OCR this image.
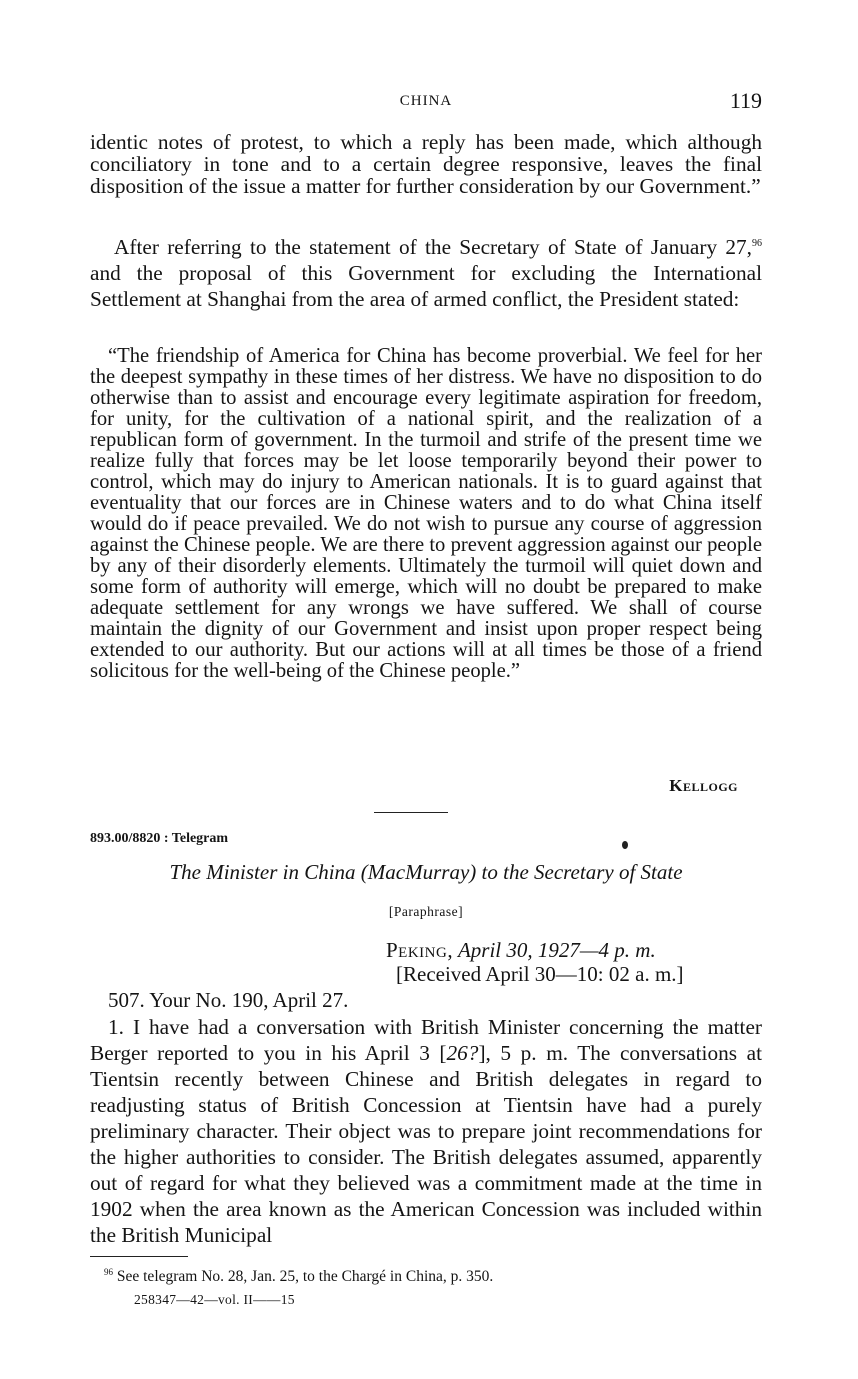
CHINA	119

identic notes of protest, to which a reply has been made, which although conciliatory in tone and to a certain degree responsive, leaves the final disposition of the issue a matter for further consideration by our Government.”

After referring to the statement of the Secretary of State of January 27,96 and the proposal of this Government for excluding the International Settlement at Shanghai from the area of armed conflict, the President stated:

“The friendship of America for China has become proverbial. We feel for her the deepest sympathy in these times of her distress. We have no disposition to do otherwise than to assist and encourage every legitimate aspiration for freedom, for unity, for the cultivation of a national spirit, and the realization of a republican form of government. In the turmoil and strife of the present time we realize fully that forces may be let loose temporarily beyond their power to control, which may do injury to American nationals. It is to guard against that eventuality that our forces are in Chinese waters and to do what China itself would do if peace prevailed. We do not wish to pursue any course of aggression against the Chinese people. We are there to prevent aggression against our people by any of their disorderly elements. Ultimately the turmoil will quiet down and some form of authority will emerge, which will no doubt be prepared to make adequate settlement for any wrongs we have suffered. We shall of course maintain the dignity of our Government and insist upon proper respect being extended to our authority. But our actions will at all times be those of a friend solicitous for the well-being of the Chinese people.”

Kellogg
893.00/8820 : Telegram
The Minister in China (MacMurray) to the Secretary of State
[Paraphrase]
Peking, April 30, 1927—4 p. m.
[Received April 30—10: 02 a. m.]
507. Your No. 190, April 27.

1. I have had a conversation with British Minister concerning the matter Berger reported to you in his April 3 [26?], 5 p. m. The conversations at Tientsin recently between Chinese and British delegates in regard to readjusting status of British Concession at Tientsin have had a purely preliminary character. Their object was to prepare joint recommendations for the higher authorities to consider. The British delegates assumed, apparently out of regard for what they believed was a commitment made at the time in 1902 when the area known as the American Concession was included within the British Municipal

$^{96}$ See telegram No. 28, Jan. 25, to the Chargé in China, p. 350.
258347—42—vol. II——15
